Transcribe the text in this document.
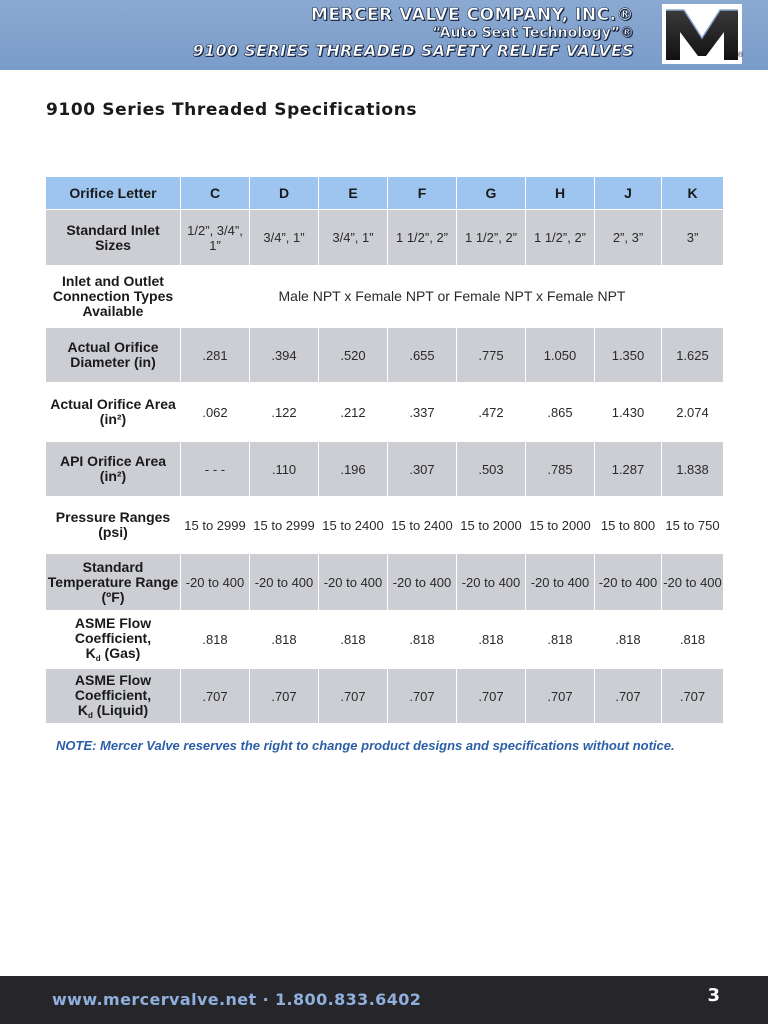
MERCER VALVE COMPANY, INC.®
“Auto Seat Technology”®
9100 SERIES THREADED SAFETY RELIEF VALVES	®
9100 Series Threaded Specifications
Orifice Letter	C	D	E	F	G	H	J	K
Standard Inlet Sizes	1/2”, 3/4”, 1”	3/4”, 1”	3/4”, 1”	1 1/2”, 2”	1 1/2”, 2”	1 1/2”, 2”	2”, 3”	3”
Inlet and Outlet Connection Types Available	Male NPT x Female NPT or Female NPT x Female NPT							
Actual Orifice Diameter (in)	.281	.394	.520	.655	.775	1.050	1.350	1.625
Actual Orifice Area (in²)	.062	.122	.212	.337	.472	.865	1.430	2.074
API Orifice Area (in²)	- - -	.110	.196	.307	.503	.785	1.287	1.838
Pressure Ranges (psi)	15 to 2999	15 to 2999	15 to 2400	15 to 2400	15 to 2000	15 to 2000	15 to 800	15 to 750
Standard Temperature Range (ºF)	-20 to 400	-20 to 400	-20 to 400	-20 to 400	-20 to 400	-20 to 400	-20 to 400	-20 to 400
ASME Flow Coefficient,
$K_d$ (Gas)	.818	.818	.818	.818	.818	.818	.818	.818
ASME Flow Coefficient,
$K_d$ (Liquid)	.707	.707	.707	.707	.707	.707	.707	.707
NOTE: Mercer Valve reserves the right to change product designs and specifications without notice.
www.mercervalve.net · 1.800.833.6402	3
